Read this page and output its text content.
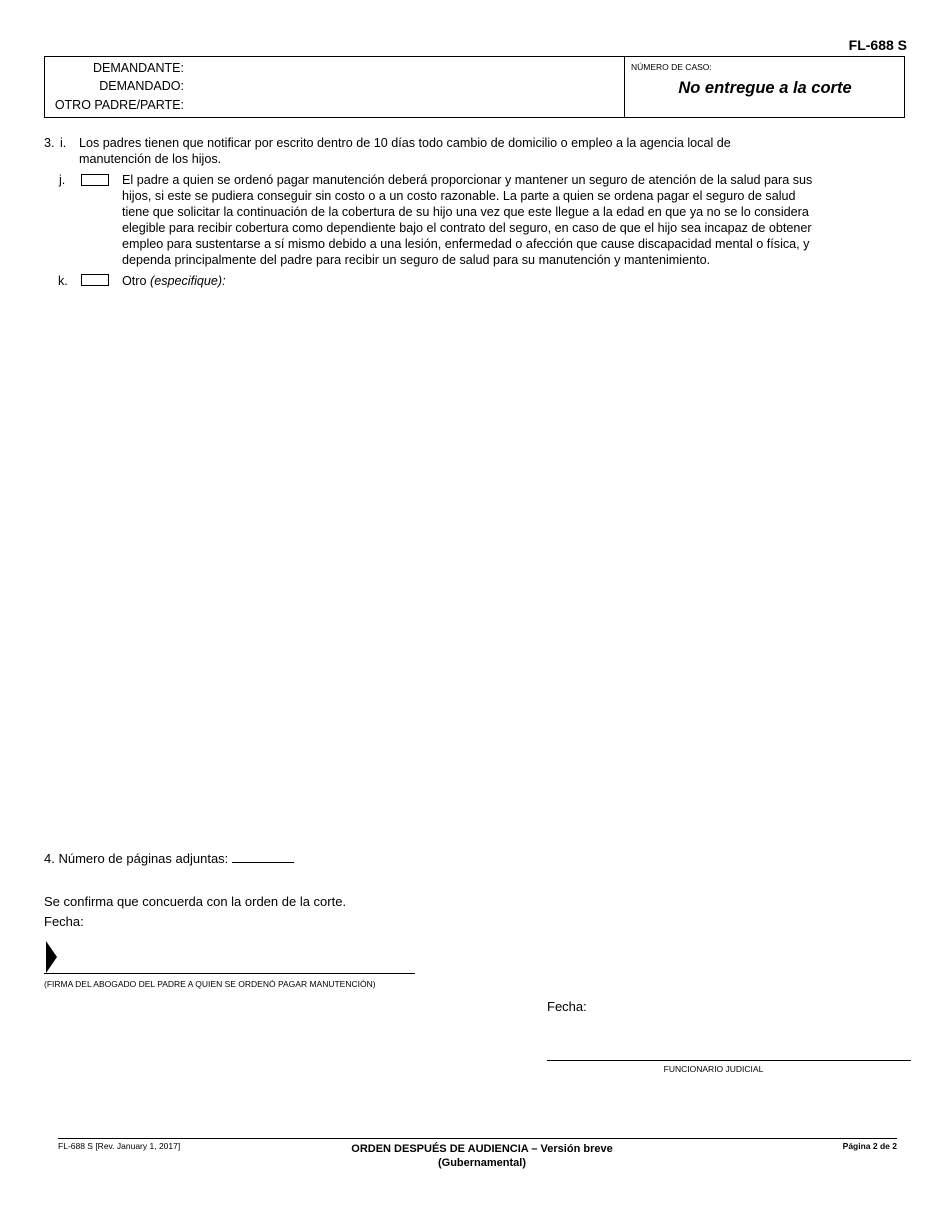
FL-688 S
DEMANDANTE:
DEMANDADO:
OTRO PADRE/PARTE:
NÚMERO DE CASO:
No entregue a la corte
3. i. Los padres tienen que notificar por escrito dentro de 10 días todo cambio de domicilio o empleo a la agencia local de
manutención de los hijos.
j.	El padre a quien se ordenó pagar manutención deberá proporcionar y mantener un seguro de atención de la salud para sus
hijos, si este se pudiera conseguir sin costo o a un costo razonable. La parte a quien se ordena pagar el seguro de salud
tiene que solicitar la continuación de la cobertura de su hijo una vez que este llegue a la edad en que ya no se lo considera
elegible para recibir cobertura como dependiente bajo el contrato del seguro, en caso de que el hijo sea incapaz de obtener
empleo para sustentarse a sí mismo debido a una lesión, enfermedad o afección que cause discapacidad mental o física, y
dependa principalmente del padre para recibir un seguro de salud para su manutención y mantenimiento.
k.	Otro (especifique):
4. Número de páginas adjuntas:
Se confirma que concuerda con la orden de la corte.
Fecha:
(FIRMA DEL ABOGADO DEL PADRE A QUIEN SE ORDENÓ PAGAR MANUTENCIÓN)
Fecha:
FUNCIONARIO JUDICIAL
FL-688 S [Rev. January 1, 2017]	ORDEN DESPUÉS DE AUDIENCIA – Versión breve
(Gubernamental)
Página 2 de 2
